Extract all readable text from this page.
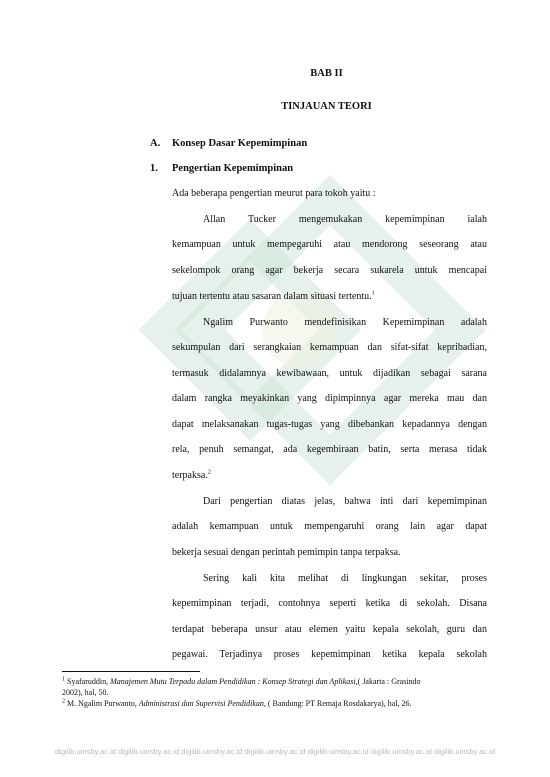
BAB II
TINJAUAN TEORI
A. Konsep Dasar Kepemimpinan
1. Pengertian Kepemimpinan
Ada beberapa pengertian meurut para tokoh yaitu :
Allan Tucker mengemukakan kepemimpinan ialah
kemampuan untuk mempegaruhi atau mendorong seseorang atau
sekelompok orang agar bekerja secara sukarela untuk mencapai
tujuan tertentu atau sasaran dalam situasi tertentu.$^1$
Ngalim Purwanto mendefinisikan Kepemimpinan adalah
sekumpulan dari serangkaian kemampuan dan sifat-sifat kepribadian,
termasuk didalamnya kewibawaan, untuk dijadikan sebagai sarana
dalam rangka meyakinkan yang dipimpinnya agar mereka mau dan
dapat melaksanakan tugas-tugas yang dibebankan kepadannya dengan
rela, penuh semangat, ada kegembiraan batin, serta merasa tidak
terpaksa.$^2$
Dari pengertian diatas jelas, bahwa inti dari kepemimpinan
adalah kemampuan untuk mempengaruhi orang lain agar dapat
bekerja sesuai dengan perintah pemimpin tanpa terpaksa.
Sering kali kita melihat di lingkungan sekitar, proses
kepemimpinan terjadi, contohnya seperti ketika di sekolah. Disana
terdapat beberapa unsur atau elemen yaitu kepala sekolah, guru dan
pegawai. Terjadinya proses kepemimpinan ketika kepala sekolah
$^1$ Syafaruddin, Manajemen Mutu Terpadu dalam Pendidikan : Konsep Strategi dan Aplikasi,( Jakarta : Grasindo
2002), hal, 50.
$^2$ M. Ngalim Purwanto, Administrasi dan Supervisi Pendidikan, ( Bandung: PT Remaja Rosdakarya), hal, 26.
digilib.uinsby.ac.id digilib.uinsby.ac.id digilib.uinsby.ac.id digilib.uinsby.ac.id digilib.uinsby.ac.id digilib.uinsby.ac.id digilib.uinsby.ac.id
